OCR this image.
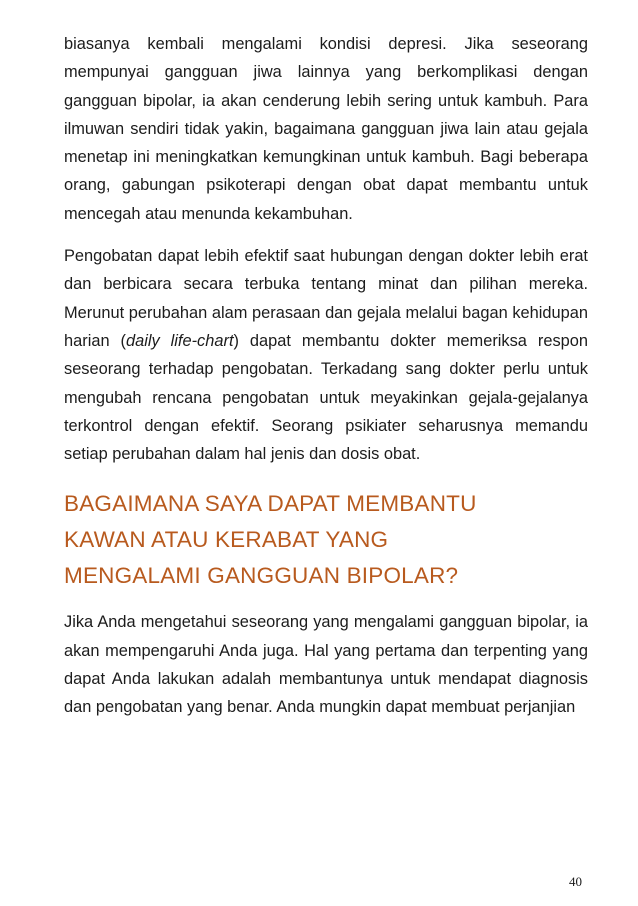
biasanya kembali mengalami kondisi depresi. Jika seseorang mempunyai gangguan jiwa lainnya yang berkomplikasi dengan gangguan bipolar, ia akan cenderung lebih sering untuk kambuh. Para ilmuwan sendiri tidak yakin, bagaimana gangguan jiwa lain atau gejala menetap ini meningkatkan kemungkinan untuk kambuh. Bagi beberapa orang, gabungan psikoterapi dengan obat dapat membantu untuk mencegah atau menunda kekambuhan.

Pengobatan dapat lebih efektif saat hubungan dengan dokter lebih erat dan berbicara secara terbuka tentang minat dan pilihan mereka. Merunut perubahan alam perasaan dan gejala melalui bagan kehidupan harian (daily life-chart) dapat membantu dokter memeriksa respon seseorang terhadap pengobatan. Terkadang sang dokter perlu untuk mengubah rencana pengobatan untuk meyakinkan gejala-gejalanya terkontrol dengan efektif. Seorang psikiater seharusnya memandu setiap perubahan dalam hal jenis dan dosis obat.

BAGAIMANA SAYA DAPAT MEMBANTU
KAWAN ATAU KERABAT YANG
MENGALAMI GANGGUAN BIPOLAR?

Jika Anda mengetahui seseorang yang mengalami gangguan bipolar, ia akan mempengaruhi Anda juga. Hal yang pertama dan terpenting yang dapat Anda lakukan adalah membantunya untuk mendapat diagnosis dan pengobatan yang benar. Anda mungkin dapat membuat perjanjian

40
